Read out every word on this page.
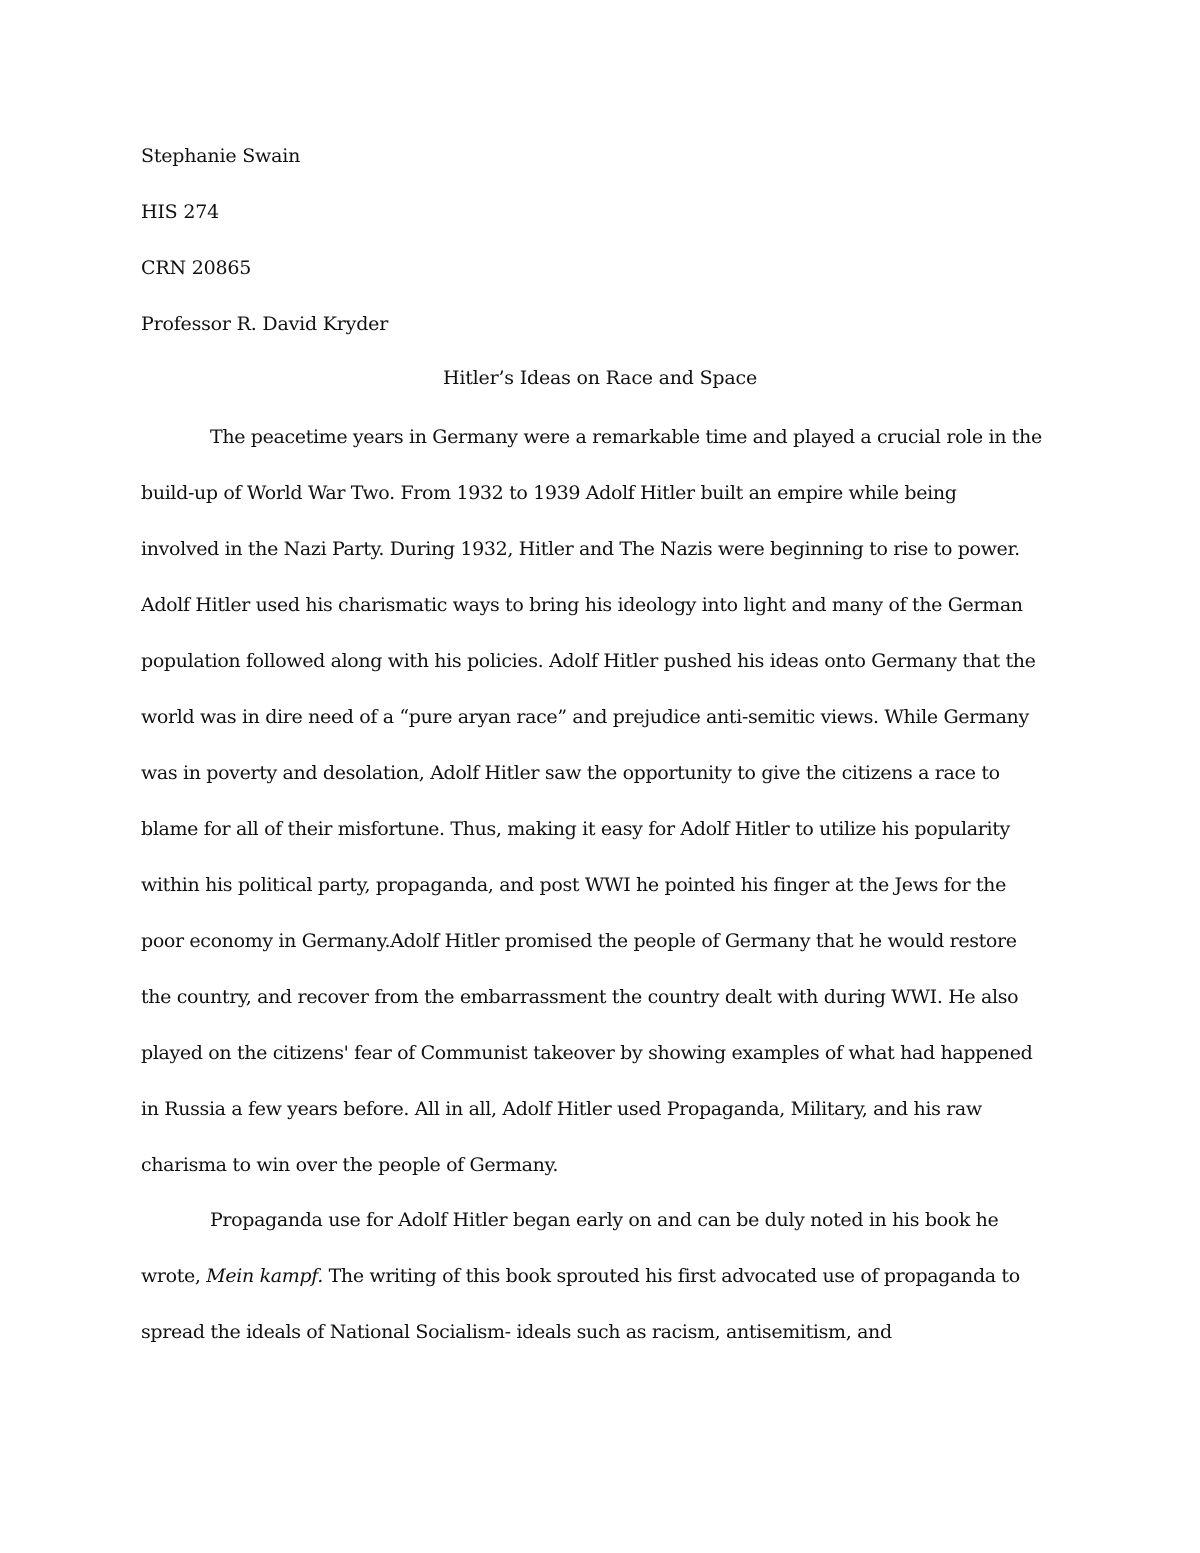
Stephanie Swain
HIS 274
CRN 20865
Professor R. David Kryder
Hitler’s Ideas on Race and Space
The peacetime years in Germany were a remarkable time and played a crucial role in the
build-up of World War Two. From 1932 to 1939 Adolf Hitler built an empire while being
involved in the Nazi Party. During 1932, Hitler and The Nazis were beginning to rise to power.
Adolf Hitler used his charismatic ways to bring his ideology into light and many of the German
population followed along with his policies. Adolf Hitler pushed his ideas onto Germany that the
world was in dire need of a “pure aryan race” and prejudice anti-semitic views. While Germany
was in poverty and desolation, Adolf Hitler saw the opportunity to give the citizens a race to
blame for all of their misfortune. Thus, making it easy for Adolf Hitler to utilize his popularity
within his political party, propaganda, and post WWI he pointed his finger at the Jews for the
poor economy in Germany.Adolf Hitler promised the people of Germany that he would restore
the country, and recover from the embarrassment the country dealt with during WWI. He also
played on the citizens' fear of Communist takeover by showing examples of what had happened
in Russia a few years before. All in all, Adolf Hitler used Propaganda, Military, and his raw
charisma to win over the people of Germany.
Propaganda use for Adolf Hitler began early on and can be duly noted in his book he
wrote, Mein kampf. The writing of this book sprouted his first advocated use of propaganda to
spread the ideals of National Socialism- ideals such as racism, antisemitism, and
